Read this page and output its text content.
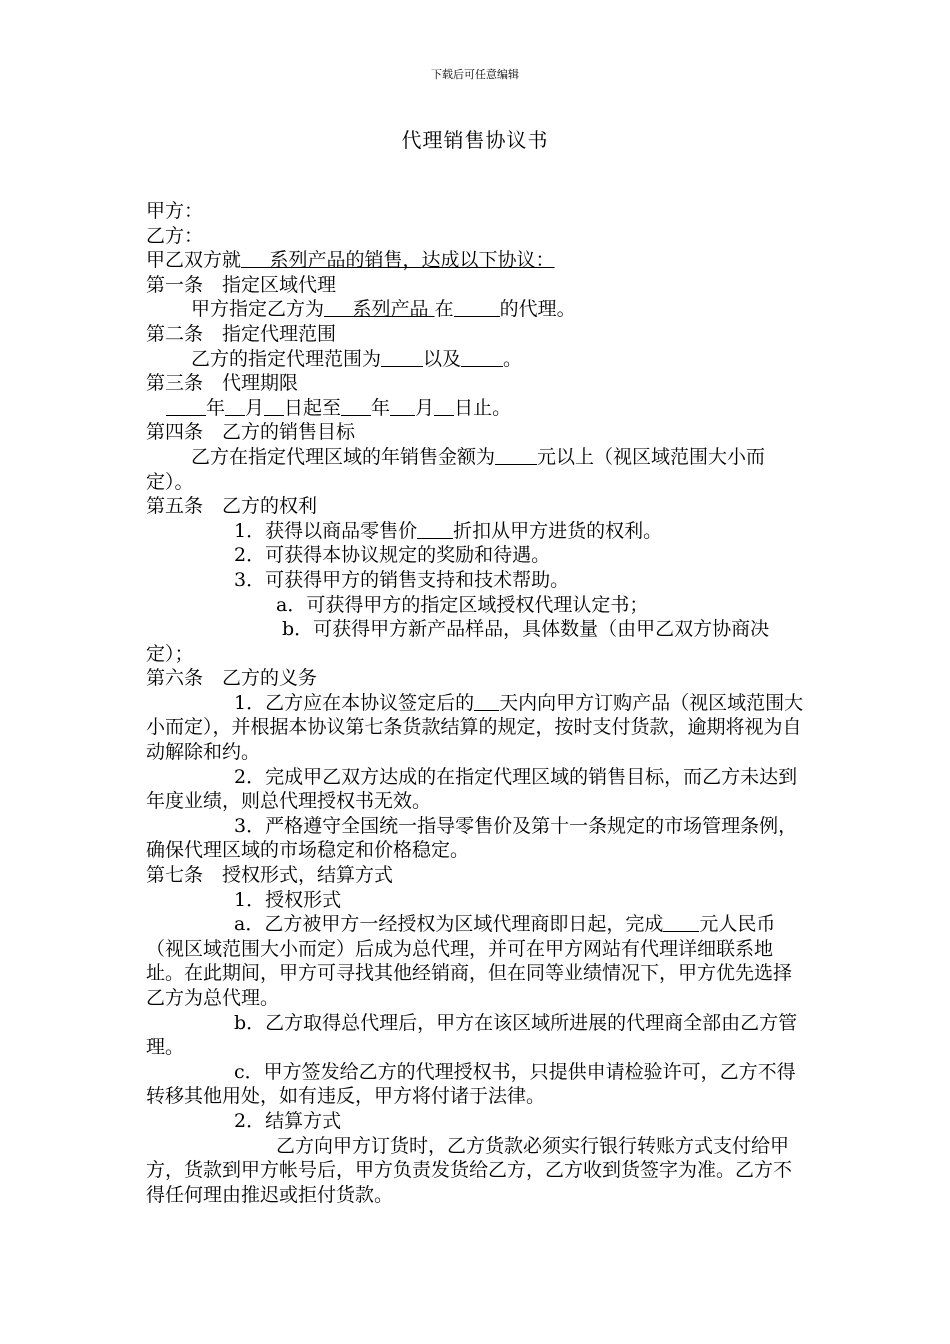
下载后可任意编辑
代理销售协议书

甲方：

乙方：

甲乙双方就   系列产品的销售，达成以下协议：

第一条　指定区域代理

甲方指定乙方为   系列产品 在 的代理。

第二条　指定代理范围

乙方的指定代理范围为 以及 。

第三条　代理期限

年 月 日起至 年 月 日止。

第四条　乙方的销售目标

乙方在指定代理区域的年销售金额为 元以上（视区域范围大小而定）。

第五条　乙方的权利

1．获得以商品零售价 折扣从甲方进货的权利。

2．可获得本协议规定的奖励和待遇。

3．可获得甲方的销售支持和技术帮助。

a．可获得甲方的指定区域授权代理认定书；

b．可获得甲方新产品样品，具体数量（由甲乙双方协商决定）；

第六条　乙方的义务

1．乙方应在本协议签定后的 天内向甲方订购产品（视区域范围大小而定），并根据本协议第七条货款结算的规定，按时支付货款，逾期将视为自动解除和约。

2．完成甲乙双方达成的在指定代理区域的销售目标，而乙方未达到年度业绩，则总代理授权书无效。

3．严格遵守全国统一指导零售价及第十一条规定的市场管理条例，确保代理区域的市场稳定和价格稳定。

第七条　授权形式，结算方式

1．授权形式

a．乙方被甲方一经授权为区域代理商即日起，完成 元人民币（视区域范围大小而定）后成为总代理，并可在甲方网站有代理详细联系地址。在此期间，甲方可寻找其他经销商，但在同等业绩情况下，甲方优先选择乙方为总代理。

b．乙方取得总代理后，甲方在该区域所进展的代理商全部由乙方管理。

c．甲方签发给乙方的代理授权书，只提供申请检验许可，乙方不得转移其他用处，如有违反，甲方将付诸于法律。

2．结算方式

乙方向甲方订货时，乙方货款必须实行银行转账方式支付给甲方，货款到甲方帐号后，甲方负责发货给乙方，乙方收到货签字为准。乙方不得任何理由推迟或拒付货款。
